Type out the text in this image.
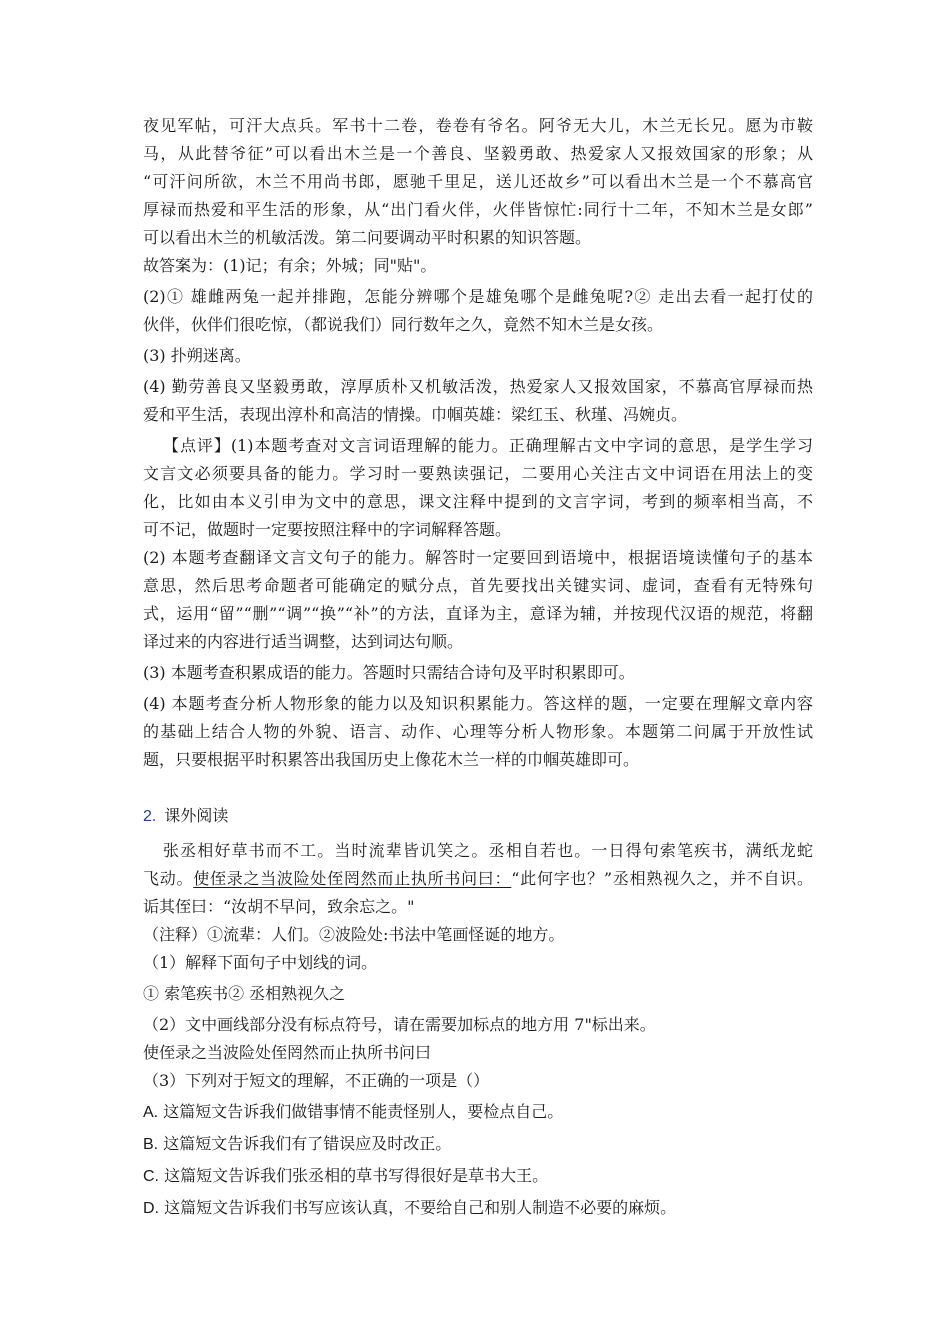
夜见军帖，可汗大点兵。军书十二卷，卷卷有爷名。阿爷无大儿，木兰无长兄。愿为市鞍

马，从此替爷征”可以看出木兰是一个善良、坚毅勇敢、热爱家人又报效国家的形象；从

“可汗问所欲，木兰不用尚书郎，愿驰千里足，送儿还故乡”可以看出木兰是一个不慕高官

厚禄而热爱和平生活的形象，从“出门看火伴，火伴皆惊忙:同行十二年，不知木兰是女郎”

可以看出木兰的机敏活泼。第二问要调动平时积累的知识答题。

故答案为：(1)记；有余；外城；同"贴"。

(2)① 雄雌两兔一起并排跑，怎能分辨哪个是雄兔哪个是雌兔呢?② 走出去看一起打仗的

伙伴，伙伴们很吃惊，（都说我们）同行数年之久，竟然不知木兰是女孩。

(3) 扑朔迷离。

(4) 勤劳善良又坚毅勇敢，淳厚质朴又机敏活泼，热爱家人又报效国家，不慕高官厚禄而热

爱和平生活，表现出淳朴和高洁的情操。巾帼英雄：梁红玉、秋瑾、冯婉贞。

【点评】(1)本题考查对文言词语理解的能力。正确理解古文中字词的意思，是学生学习

文言文必须要具备的能力。学习时一要熟读强记，二要用心关注古文中词语在用法上的变

化，比如由本义引申为文中的意思，课文注释中提到的文言字词，考到的频率相当高，不

可不记，做题时一定要按照注释中的字词解释答题。

(2) 本题考查翻译文言文句子的能力。解答时一定要回到语境中，根据语境读懂句子的基本

意思，然后思考命题者可能确定的赋分点，首先要找出关键实词、虚词，查看有无特殊句

式，运用“留”“删”“调”“换”“补”的方法，直译为主，意译为辅，并按现代汉语的规范，将翻

译过来的内容进行适当调整，达到词达句顺。

(3) 本题考查积累成语的能力。答题时只需结合诗句及平时积累即可。

(4) 本题考查分析人物形象的能力以及知识积累能力。答这样的题，一定要在理解文章内容

的基础上结合人物的外貌、语言、动作、心理等分析人物形象。本题第二问属于开放性试

题，只要根据平时积累答出我国历史上像花木兰一样的巾帼英雄即可。

2. 课外阅读

张丞相好草书而不工。当时流辈皆讥笑之。丞相自若也。一日得句索笔疾书，满纸龙蛇

飞动。使侄录之当波险处侄罔然而止执所书问曰：“此何字也？”丞相熟视久之，并不自识。

诟其侄曰：“汝胡不早问，致余忘之。"

（注释）①流辈：人们。②波险处:书法中笔画怪诞的地方。

（1）解释下面句子中划线的词。

① 索笔疾书② 丞相熟视久之

（2）文中画线部分没有标点符号，请在需要加标点的地方用 7"标出来。

使侄录之当波险处侄罔然而止执所书问曰

（3）下列对于短文的理解，不正确的一项是（）

A. 这篇短文告诉我们做错事情不能责怪别人，要检点自己。

B. 这篇短文告诉我们有了错误应及时改正。

C. 这篇短文告诉我们张丞相的草书写得很好是草书大王。

D. 这篇短文告诉我们书写应该认真，不要给自己和别人制造不必要的麻烦。
